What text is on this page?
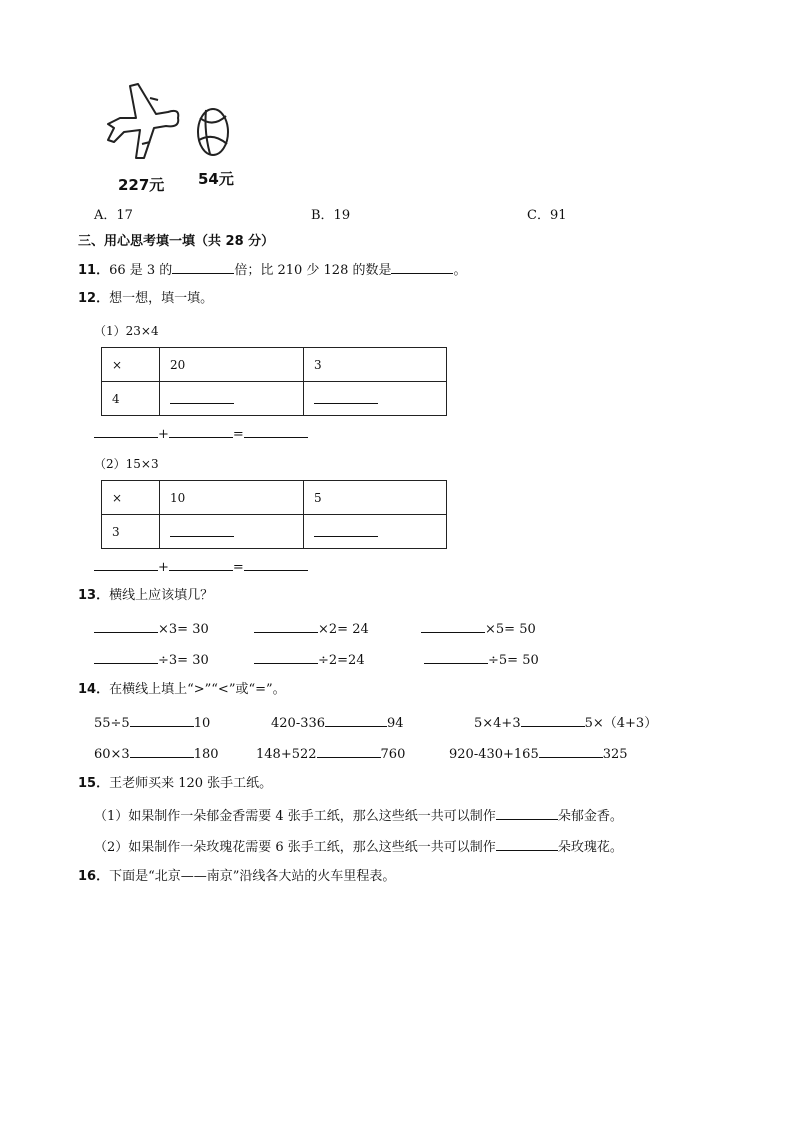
227元 54元
A．17	B．19	C．91
三、用心思考填一填（共 28 分）
11．66 是 3 的	倍；比 210 少 128 的数是	。
12．想一想，填一填。
（1）23×4
×	20	3
4		
+	=
（2）15×3
×	10	5
3		
+	=
13．横线上应该填几？
×3= 30	×2= 24	×5= 50
÷3= 30	÷2=24	÷5= 50
14．在横线上填上“>”“<”或“=”。
55÷5	10	420-336	94	5×4+3	5×（4+3）
60×3	180	148+522	760	920-430+165	325
15．王老师买来 120 张手工纸。
（1）如果制作一朵郁金香需要 4 张手工纸，那么这些纸一共可以制作	朵郁金香。
（2）如果制作一朵玫瑰花需要 6 张手工纸，那么这些纸一共可以制作	朵玫瑰花。
16．下面是“北京——南京”沿线各大站的火车里程表。
